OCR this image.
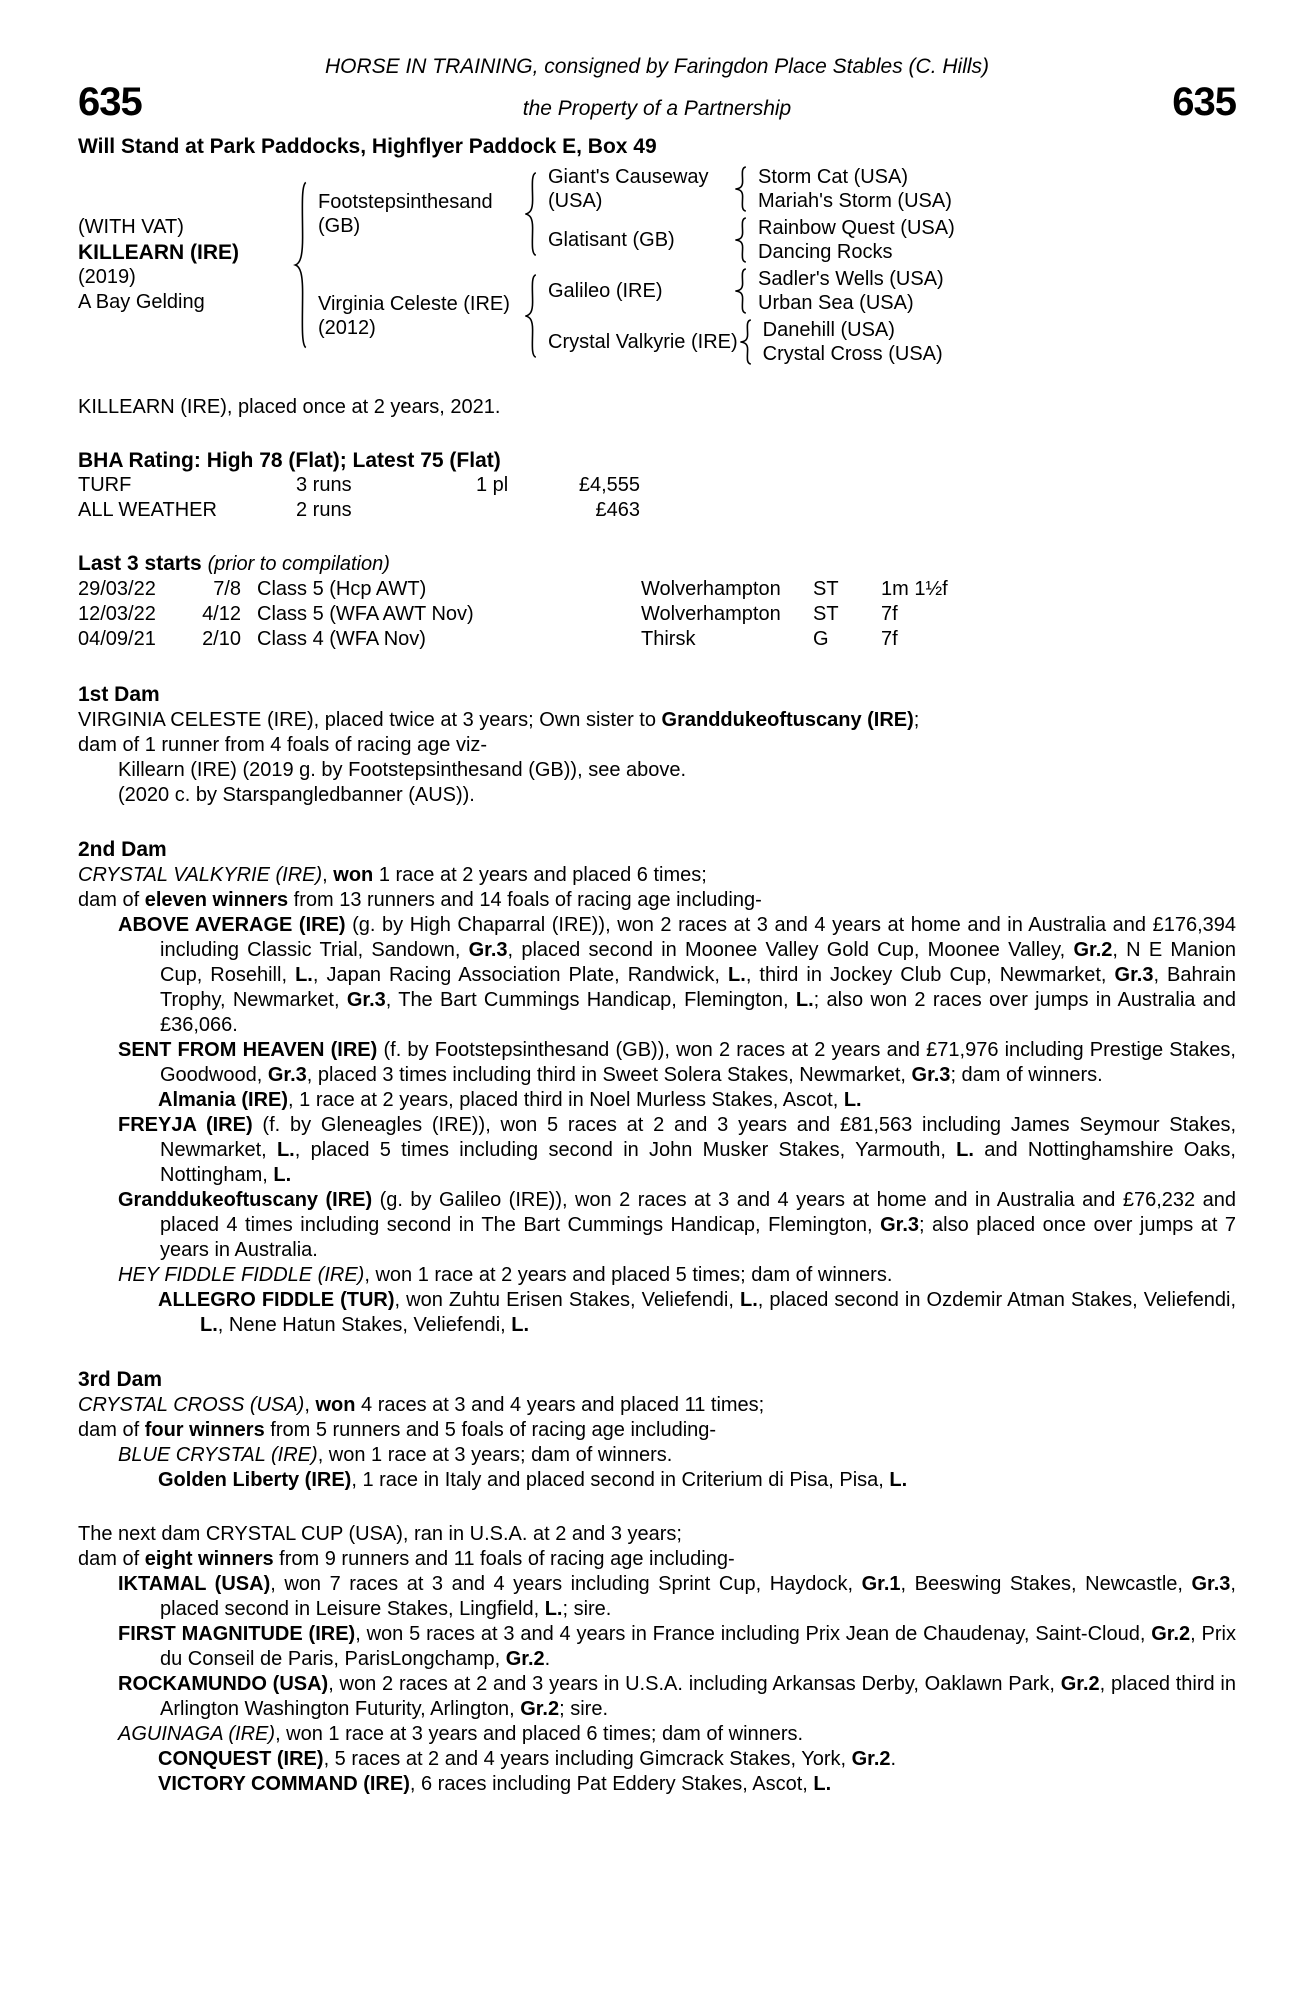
HORSE IN TRAINING, consigned by Faringdon Place Stables (C. Hills)
635	the Property of a Partnership	635
Will Stand at Park Paddocks, Highflyer Paddock E, Box 49
(WITH VAT)
KILLEARN (IRE)
(2019)
A Bay Gelding
Footstepsinthesand
(GB)
Giant's Causeway
(USA)
Storm Cat (USA)
Mariah's Storm (USA)
Glatisant (GB)
Rainbow Quest (USA)
Dancing Rocks
Virginia Celeste (IRE)
(2012)
Galileo (IRE)
Sadler's Wells (USA)
Urban Sea (USA)
Crystal Valkyrie (IRE)
Danehill (USA)
Crystal Cross (USA)
KILLEARN (IRE), placed once at 2 years, 2021.
BHA Rating: High 78 (Flat); Latest 75 (Flat)
TURF	3 runs	1 pl	£4,555
ALL WEATHER	2 runs	£463
Last 3 starts (prior to compilation)
29/03/22	7/8 Class 5 (Hcp AWT)	Wolverhampton	ST	1m 1½f
12/03/22	4/12 Class 5 (WFA AWT Nov)	Wolverhampton	ST	7f
04/09/21	2/10 Class 4 (WFA Nov)	Thirsk	G	7f
1st Dam

VIRGINIA CELESTE (IRE), placed twice at 3 years; Own sister to Granddukeoftuscany (IRE);

dam of 1 runner from 4 foals of racing age viz-

Killearn (IRE) (2019 g. by Footstepsinthesand (GB)), see above.

(2020 c. by Starspangledbanner (AUS)).

2nd Dam

CRYSTAL VALKYRIE (IRE), won 1 race at 2 years and placed 6 times;

dam of eleven winners from 13 runners and 14 foals of racing age including-

ABOVE AVERAGE (IRE) (g. by High Chaparral (IRE)), won 2 races at 3 and 4 years at home and in Australia and £176,394 including Classic Trial, Sandown, Gr.3, placed second in Moonee Valley Gold Cup, Moonee Valley, Gr.2, N E Manion Cup, Rosehill, L., Japan Racing Association Plate, Randwick, L., third in Jockey Club Cup, Newmarket, Gr.3, Bahrain Trophy, Newmarket, Gr.3, The Bart Cummings Handicap, Flemington, L.; also won 2 races over jumps in Australia and £36,066.

SENT FROM HEAVEN (IRE) (f. by Footstepsinthesand (GB)), won 2 races at 2 years and £71,976 including Prestige Stakes, Goodwood, Gr.3, placed 3 times including third in Sweet Solera Stakes, Newmarket, Gr.3; dam of winners.

Almania (IRE), 1 race at 2 years, placed third in Noel Murless Stakes, Ascot, L.

FREYJA (IRE) (f. by Gleneagles (IRE)), won 5 races at 2 and 3 years and £81,563 including James Seymour Stakes, Newmarket, L., placed 5 times including second in John Musker Stakes, Yarmouth, L. and Nottinghamshire Oaks, Nottingham, L.

Granddukeoftuscany (IRE) (g. by Galileo (IRE)), won 2 races at 3 and 4 years at home and in Australia and £76,232 and placed 4 times including second in The Bart Cummings Handicap, Flemington, Gr.3; also placed once over jumps at 7 years in Australia.

HEY FIDDLE FIDDLE (IRE), won 1 race at 2 years and placed 5 times; dam of winners.

ALLEGRO FIDDLE (TUR), won Zuhtu Erisen Stakes, Veliefendi, L., placed second in Ozdemir Atman Stakes, Veliefendi, L., Nene Hatun Stakes, Veliefendi, L.

3rd Dam

CRYSTAL CROSS (USA), won 4 races at 3 and 4 years and placed 11 times;

dam of four winners from 5 runners and 5 foals of racing age including-

BLUE CRYSTAL (IRE), won 1 race at 3 years; dam of winners.

Golden Liberty (IRE), 1 race in Italy and placed second in Criterium di Pisa, Pisa, L.

The next dam CRYSTAL CUP (USA), ran in U.S.A. at 2 and 3 years;

dam of eight winners from 9 runners and 11 foals of racing age including-

IKTAMAL (USA), won 7 races at 3 and 4 years including Sprint Cup, Haydock, Gr.1, Beeswing Stakes, Newcastle, Gr.3, placed second in Leisure Stakes, Lingfield, L.; sire.

FIRST MAGNITUDE (IRE), won 5 races at 3 and 4 years in France including Prix Jean de Chaudenay, Saint-Cloud, Gr.2, Prix du Conseil de Paris, ParisLongchamp, Gr.2.

ROCKAMUNDO (USA), won 2 races at 2 and 3 years in U.S.A. including Arkansas Derby, Oaklawn Park, Gr.2, placed third in Arlington Washington Futurity, Arlington, Gr.2; sire.

AGUINAGA (IRE), won 1 race at 3 years and placed 6 times; dam of winners.

CONQUEST (IRE), 5 races at 2 and 4 years including Gimcrack Stakes, York, Gr.2.

VICTORY COMMAND (IRE), 6 races including Pat Eddery Stakes, Ascot, L.
